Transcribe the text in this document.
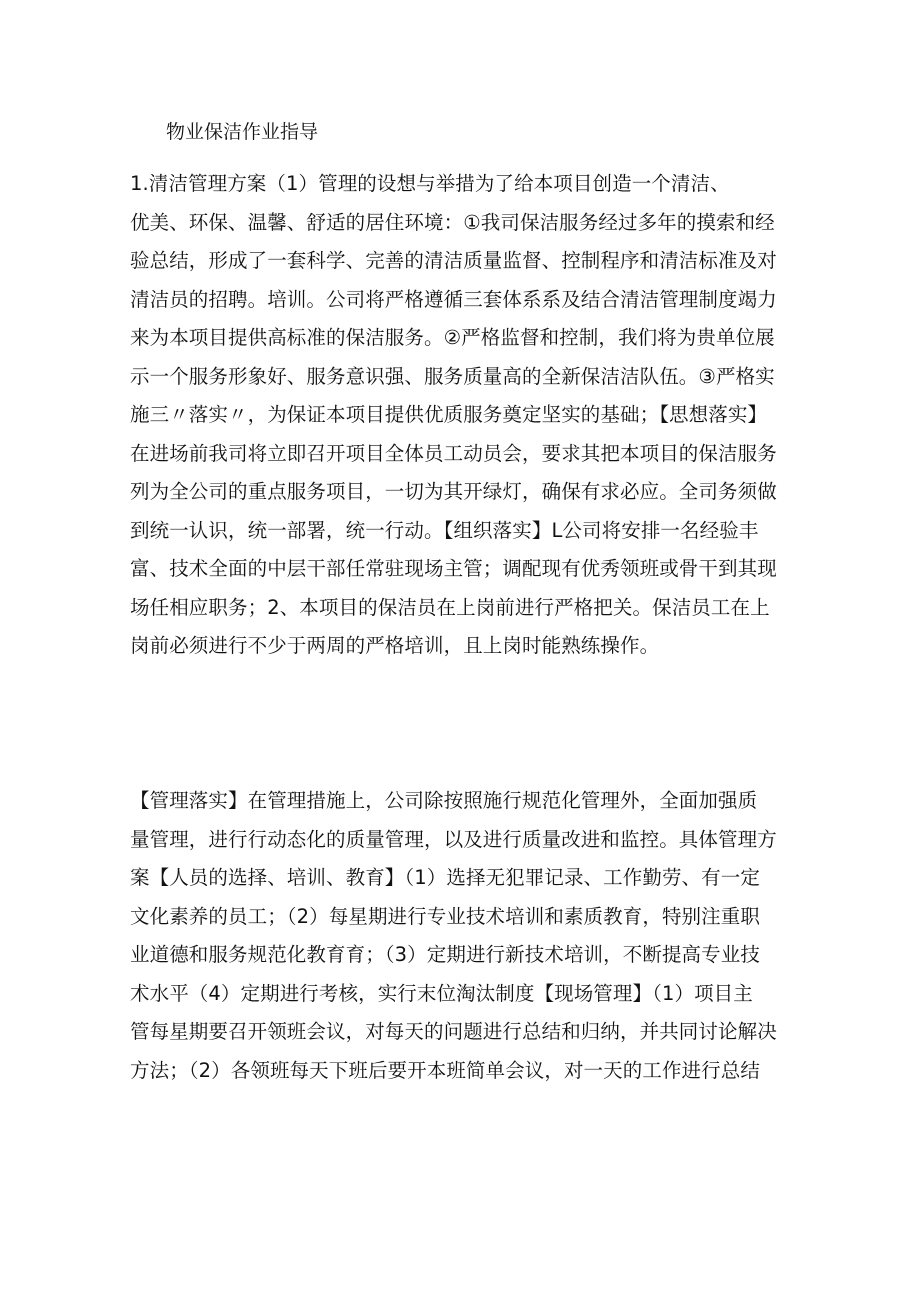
物业保洁作业指导
1.清洁管理方案（1）管理的设想与举措为了给本项目创造一个清洁、
优美、环保、温馨、舒适的居住环境：①我司保洁服务经过多年的摸索和经
验总结，形成了一套科学、完善的清洁质量监督、控制程序和清洁标准及对
清洁员的招聘。培训。公司将严格遵循三套体系系及结合清洁管理制度竭力
来为本项目提供高标准的保洁服务。②严格监督和控制，我们将为贵单位展
示一个服务形象好、服务意识强、服务质量高的全新保洁洁队伍。③严格实
施三〃落实〃，为保证本项目提供优质服务奠定坚实的基础；【思想落实】
在进场前我司将立即召开项目全体员工动员会，要求其把本项目的保洁服务
列为全公司的重点服务项目，一切为其开绿灯，确保有求必应。全司务须做
到统一认识，统一部署，统一行动。【组织落实】L公司将安排一名经验丰
富、技术全面的中层干部任常驻现场主管；调配现有优秀领班或骨干到其现
场任相应职务；2、本项目的保洁员在上岗前进行严格把关。保洁员工在上
岗前必须进行不少于两周的严格培训，且上岗时能熟练操作。
【管理落实】在管理措施上，公司除按照施行规范化管理外，全面加强质
量管理，进行行动态化的质量管理，以及进行质量改进和监控。具体管理方
案【人员的选择、培训、教育】（1）选择无犯罪记录、工作勤劳、有一定
文化素养的员工；（2）每星期进行专业技术培训和素质教育，特别注重职
业道德和服务规范化教育育；（3）定期进行新技术培训，不断提高专业技
术水平（4）定期进行考核，实行末位淘汰制度【现场管理】（1）项目主
管每星期要召开领班会议，对每天的问题进行总结和归纳，并共同讨论解决
方法；（2）各领班每天下班后要开本班简单会议，对一天的工作进行总结
